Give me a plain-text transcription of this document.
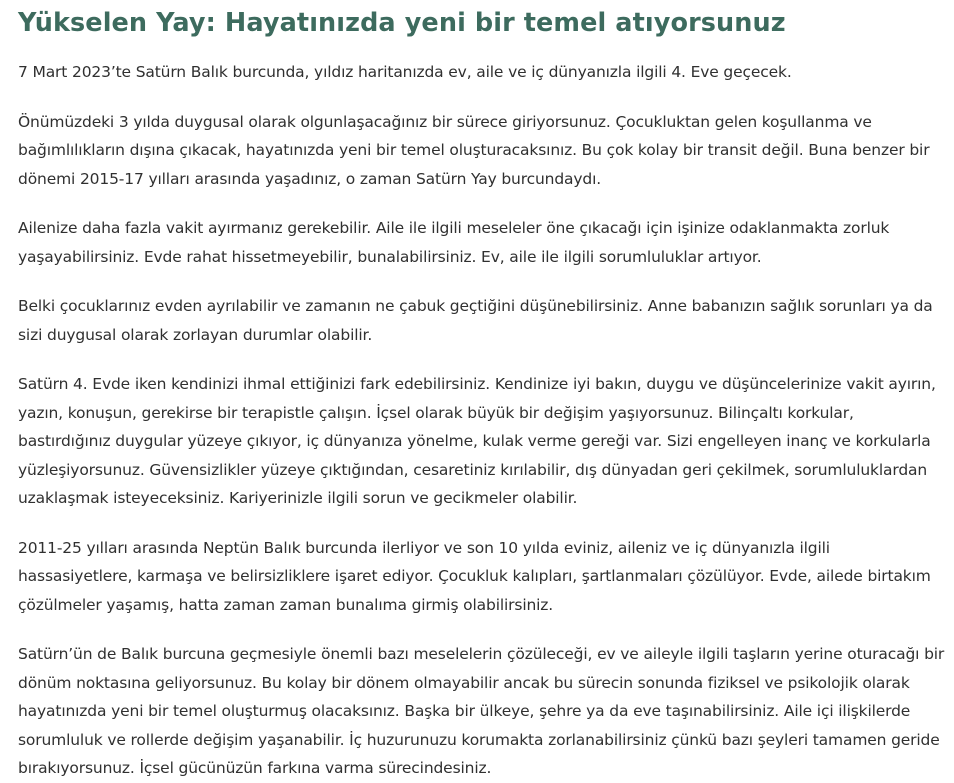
Yükselen Yay: Hayatınızda yeni bir temel atıyorsunuz

7 Mart 2023’te Satürn Balık burcunda, yıldız haritanızda ev, aile ve iç dünyanızla ilgili 4. Eve geçecek.

Önümüzdeki 3 yılda duygusal olarak olgunlaşacağınız bir sürece giriyorsunuz. Çocukluktan gelen koşullanma ve bağımlılıkların dışına çıkacak, hayatınızda yeni bir temel oluşturacaksınız. Bu çok kolay bir transit değil. Buna benzer bir dönemi 2015-17 yılları arasında yaşadınız, o zaman Satürn Yay burcundaydı.

Ailenize daha fazla vakit ayırmanız gerekebilir. Aile ile ilgili meseleler öne çıkacağı için işinize odaklanmakta zorluk yaşayabilirsiniz. Evde rahat hissetmeyebilir, bunalabilirsiniz. Ev, aile ile ilgili sorumluluklar artıyor.

Belki çocuklarınız evden ayrılabilir ve zamanın ne çabuk geçtiğini düşünebilirsiniz. Anne babanızın sağlık sorunları ya da sizi duygusal olarak zorlayan durumlar olabilir.

Satürn 4. Evde iken kendinizi ihmal ettiğinizi fark edebilirsiniz. Kendinize iyi bakın, duygu ve düşüncelerinize vakit ayırın, yazın, konuşun, gerekirse bir terapistle çalışın. İçsel olarak büyük bir değişim yaşıyorsunuz. Bilinçaltı korkular, bastırdığınız duygular yüzeye çıkıyor, iç dünyanıza yönelme, kulak verme gereği var. Sizi engelleyen inanç ve korkularla yüzleşiyorsunuz. Güvensizlikler yüzeye çıktığından, cesaretiniz kırılabilir, dış dünyadan geri çekilmek, sorumluluklardan uzaklaşmak isteyeceksiniz. Kariyerinizle ilgili sorun ve gecikmeler olabilir.

2011-25 yılları arasında Neptün Balık burcunda ilerliyor ve son 10 yılda eviniz, aileniz ve iç dünyanızla ilgili hassasiyetlere, karmaşa ve belirsizliklere işaret ediyor. Çocukluk kalıpları, şartlanmaları çözülüyor. Evde, ailede birtakım çözülmeler yaşamış, hatta zaman zaman bunalıma girmiş olabilirsiniz.

Satürn’ün de Balık burcuna geçmesiyle önemli bazı meselelerin çözüleceği, ev ve aileyle ilgili taşların yerine oturacağı bir dönüm noktasına geliyorsunuz. Bu kolay bir dönem olmayabilir ancak bu sürecin sonunda fiziksel ve psikolojik olarak hayatınızda yeni bir temel oluşturmuş olacaksınız. Başka bir ülkeye, şehre ya da eve taşınabilirsiniz. Aile içi ilişkilerde sorumluluk ve rollerde değişim yaşanabilir. İç huzurunuzu korumakta zorlanabilirsiniz çünkü bazı şeyleri tamamen geride bırakıyorsunuz. İçsel gücünüzün farkına varma sürecindesiniz.
